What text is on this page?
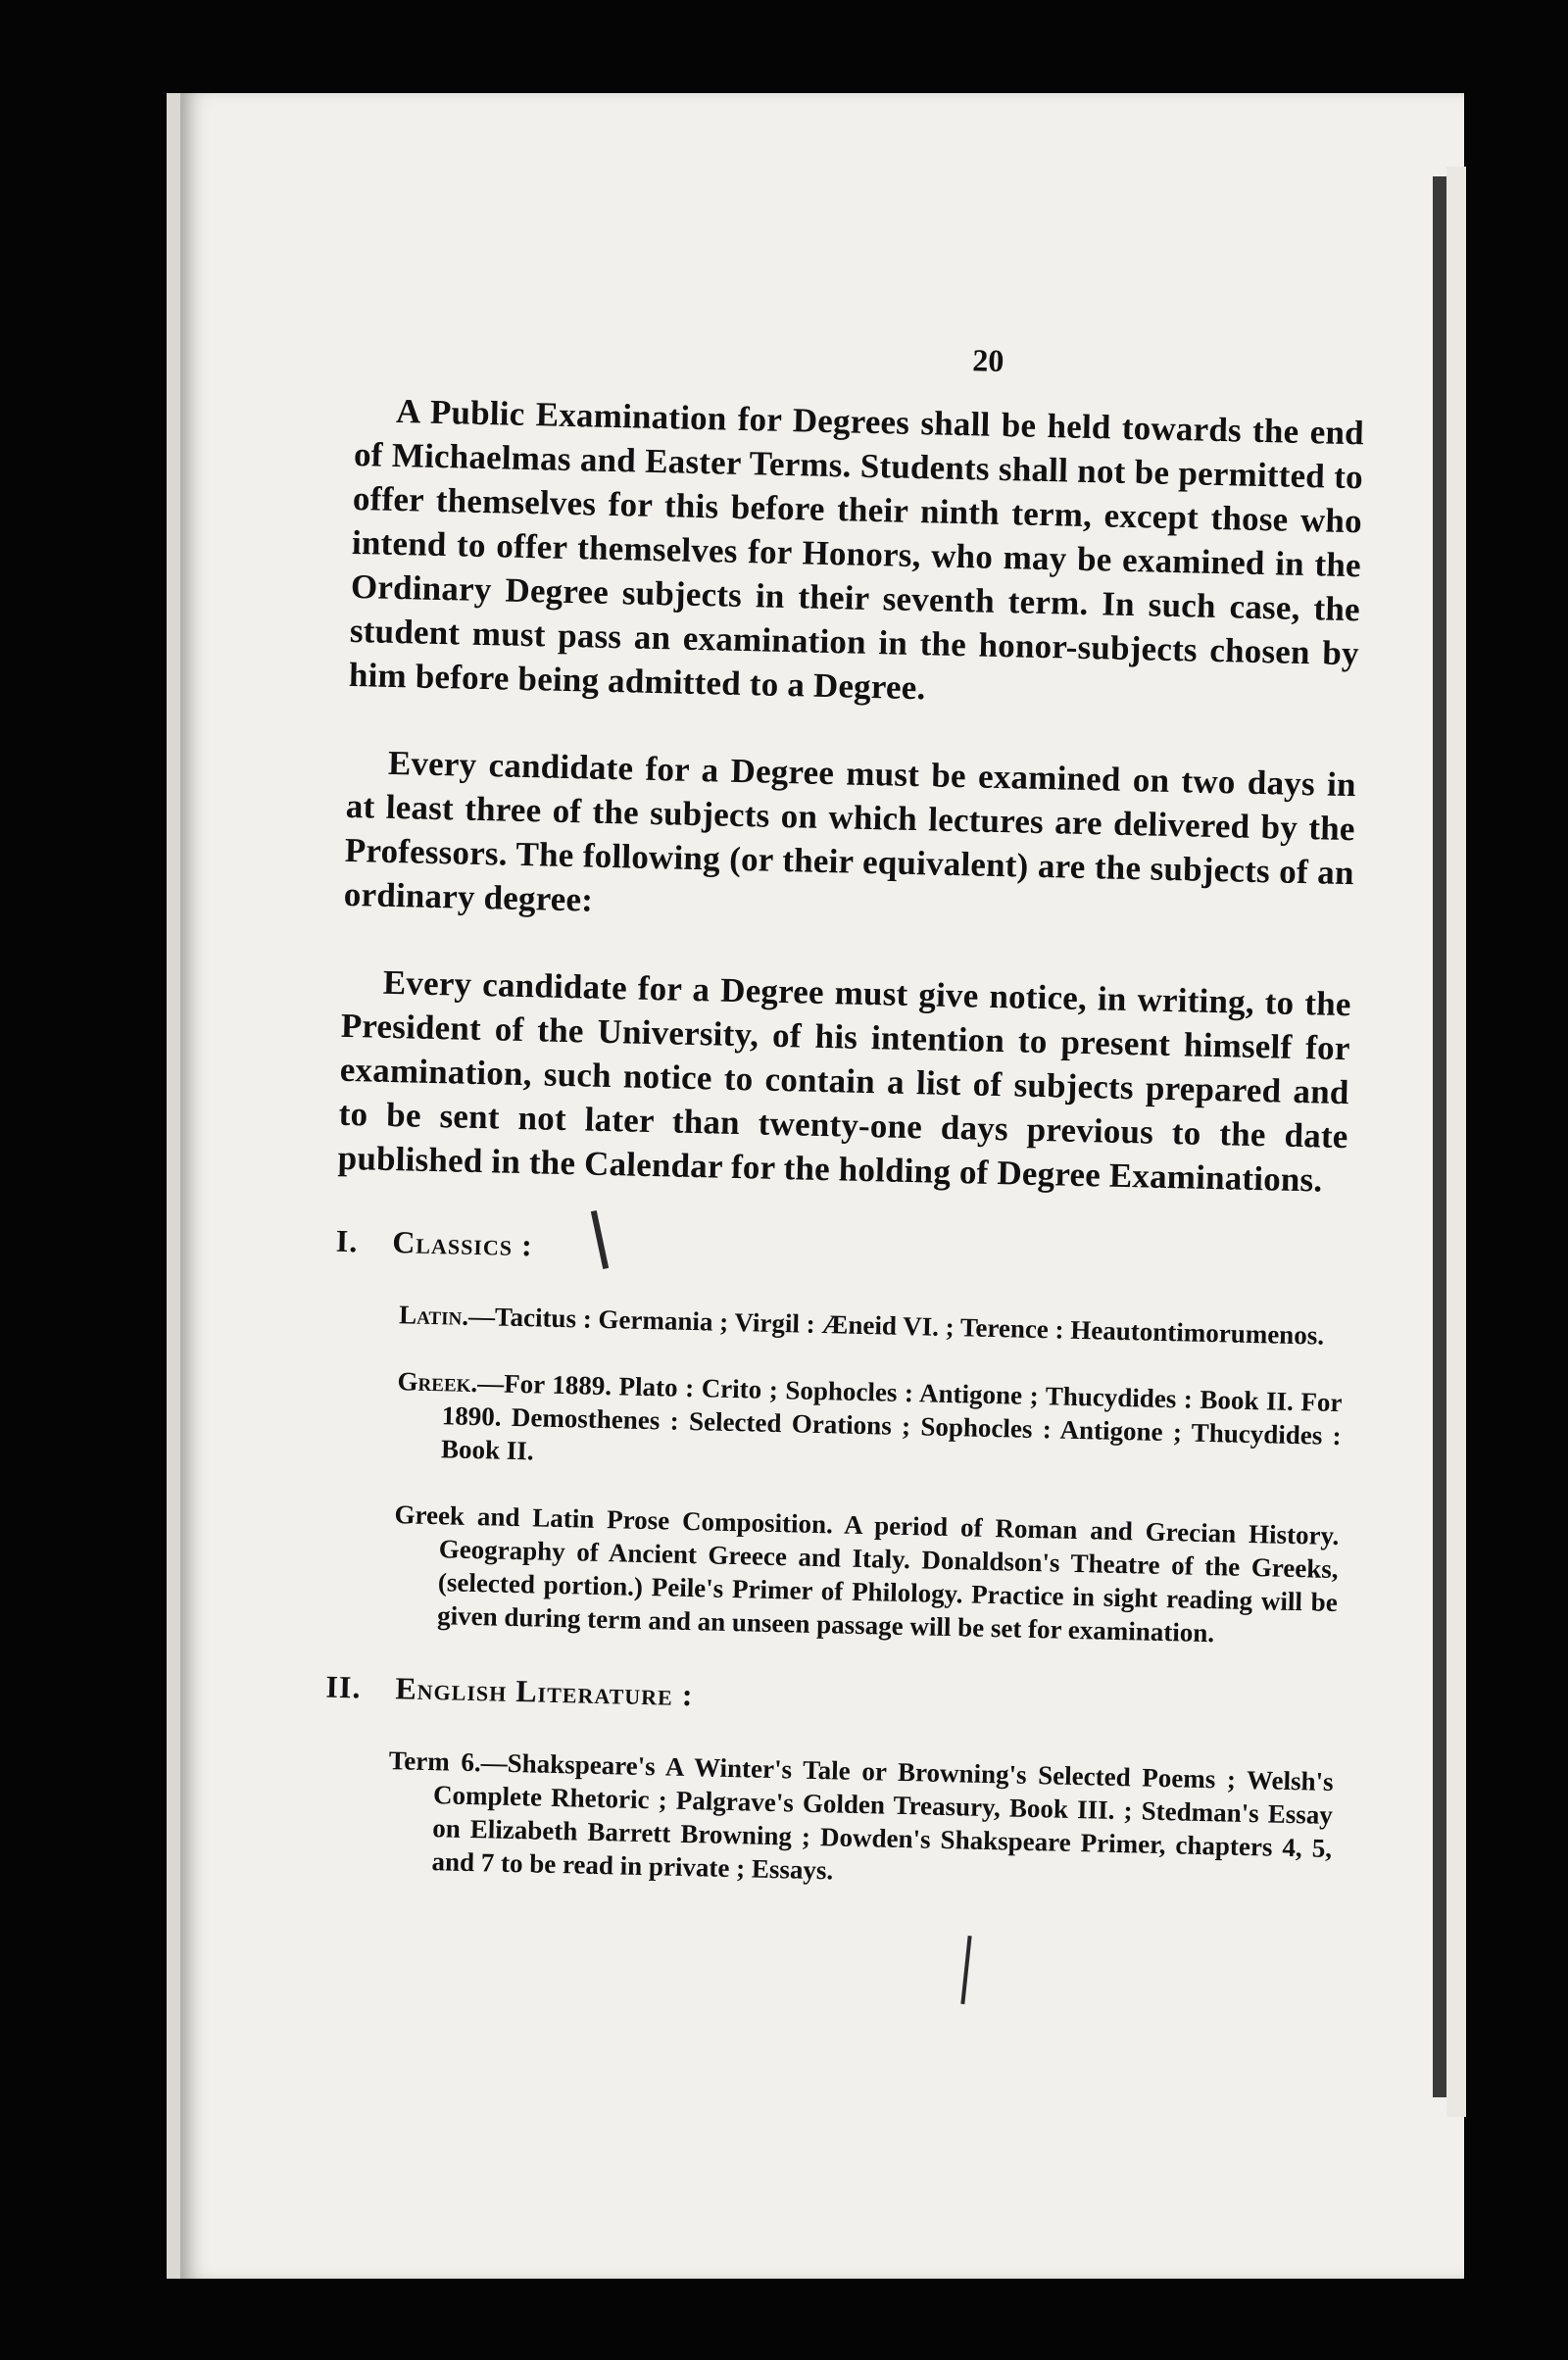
20

A Public Examination for Degrees shall be held towards the end of Michaelmas and Easter Terms. Students shall not be permitted to offer themselves for this before their ninth term, except those who intend to offer themselves for Honors, who may be examined in the Ordinary Degree subjects in their seventh term. In such case, the student must pass an examination in the honor-subjects chosen by him before being admitted to a Degree.

Every candidate for a Degree must be examined on two days in at least three of the subjects on which lectures are delivered by the Professors. The following (or their equivalent) are the subjects of an ordinary degree:

Every candidate for a Degree must give notice, in writing, to the President of the University, of his intention to present himself for examination, such notice to contain a list of subjects prepared and to be sent not later than twenty-one days previous to the date published in the Calendar for the holding of Degree Examinations.

I. Classics :

Latin.—Tacitus : Germania ; Virgil : Æneid VI. ; Terence : Heautontimorumenos.

Greek.—For 1889. Plato : Crito ; Sophocles : Antigone ; Thucydides : Book II. For 1890. Demosthenes : Selected Orations ; Sophocles : Antigone ; Thucydides : Book II.

Greek and Latin Prose Composition. A period of Roman and Grecian History. Geography of Ancient Greece and Italy. Donaldson's Theatre of the Greeks, (selected portion.) Peile's Primer of Philology. Practice in sight reading will be given during term and an unseen passage will be set for examination.

II. English Literature :

Term 6.—Shakspeare's A Winter's Tale or Browning's Selected Poems ; Welsh's Complete Rhetoric ; Palgrave's Golden Treasury, Book III. ; Stedman's Essay on Elizabeth Barrett Browning ; Dowden's Shakspeare Primer, chapters 4, 5, and 7 to be read in private ; Essays.
